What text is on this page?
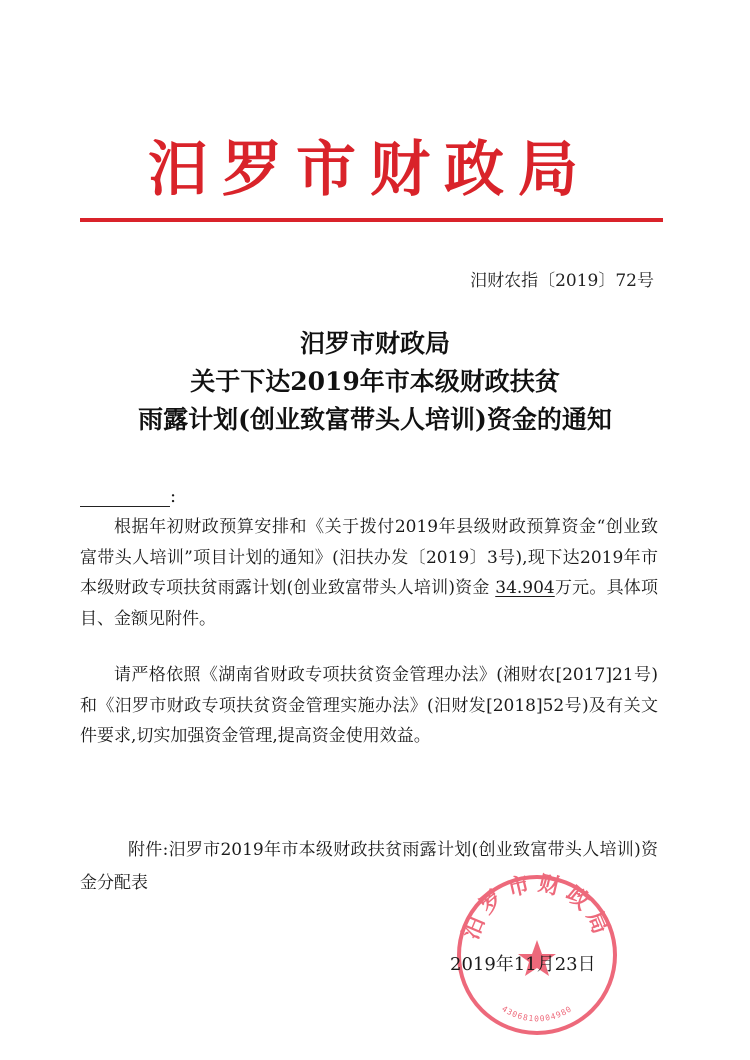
汨罗市财政局
汨财农指〔2019〕72号
汨罗市财政局
关于下达2019年市本级财政扶贫
雨露计划(创业致富带头人培训)资金的通知
:

根据年初财政预算安排和《关于拨付2019年县级财政预算资金“创业致富带头人培训”项目计划的通知》(汨扶办发〔2019〕3号),现下达2019年市本级财政专项扶贫雨露计划(创业致富带头人培训)资金 34.904万元。具体项目、金额见附件。

请严格依照《湖南省财政专项扶贫资金管理办法》(湘财农[2017]21号)和《汨罗市财政专项扶贫资金管理实施办法》(汨财发[2018]52号)及有关文件要求,切实加强资金管理,提高资金使用效益。

附件:汨罗市2019年市本级财政扶贫雨露计划(创业致富带头人培训)资金分配表

汨罗市财政局
4306810004980
2019年11月23日
